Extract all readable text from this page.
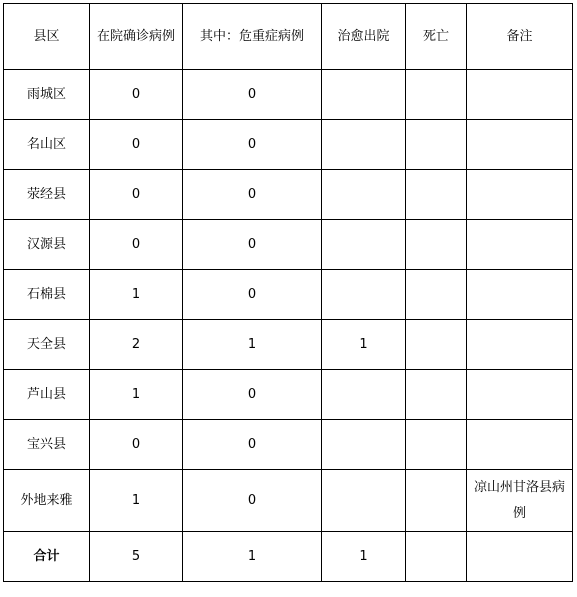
县区	在院确诊病例	其中：危重症病例	治愈出院	死亡	备注
雨城区	0	0			
名山区	0	0			
荥经县	0	0			
汉源县	0	0			
石棉县	1	0			
天全县	2	1	1		
芦山县	1	0			
宝兴县	0	0			
外地来雅	1	0			凉山州甘洛县病例
合计	5	1	1		
